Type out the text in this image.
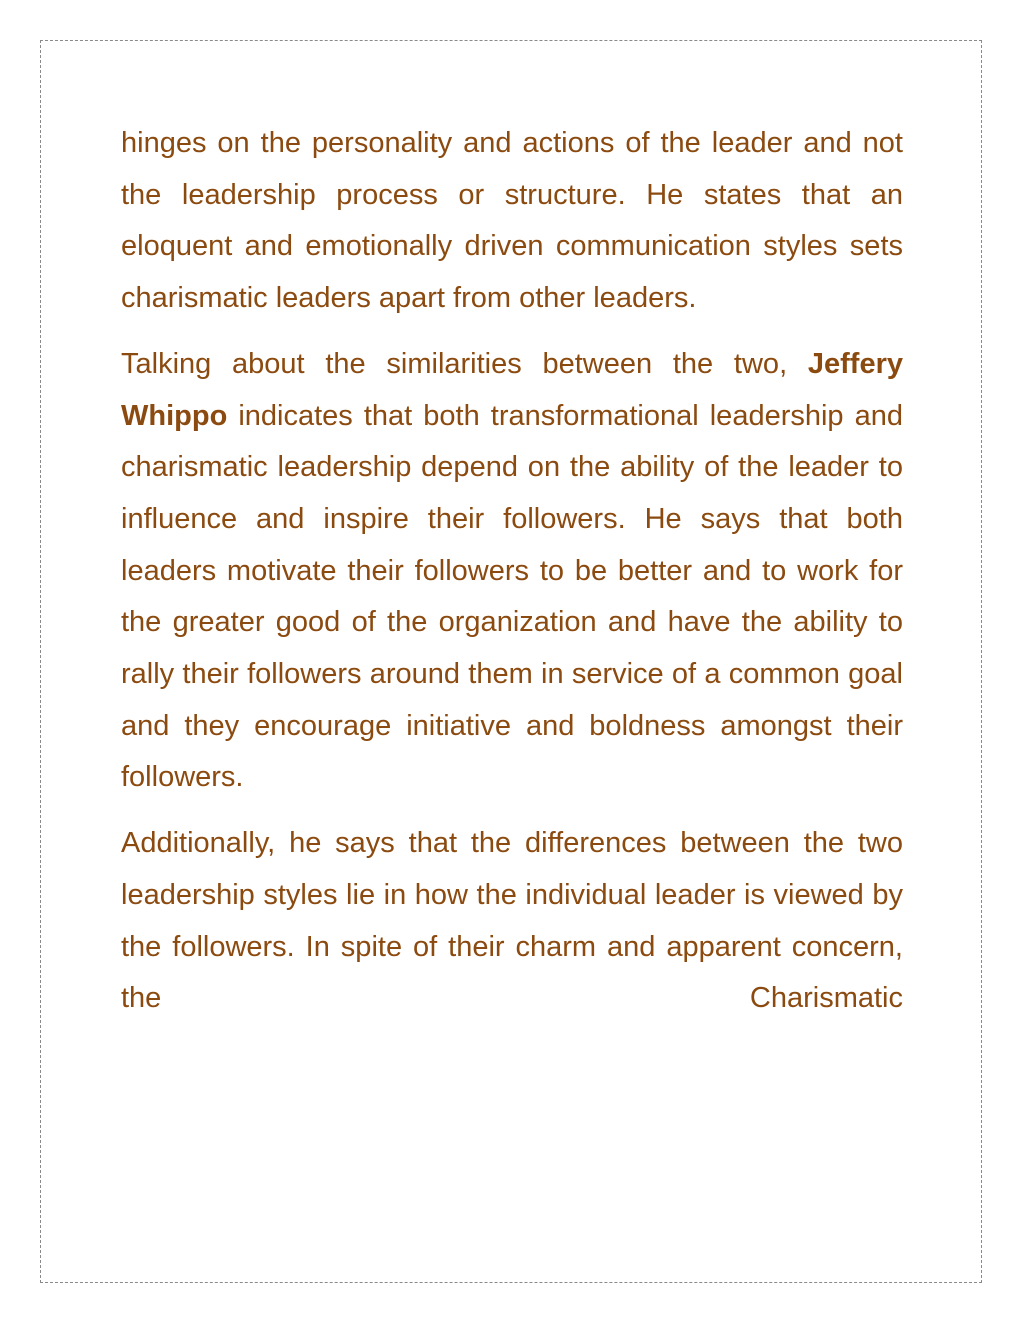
hinges on the personality and actions of the leader and not the leadership process or structure. He states that an eloquent and emotionally driven communication styles sets charismatic leaders apart from other leaders.

Talking about the similarities between the two, Jeffery Whippo indicates that both transformational leadership and charismatic leadership depend on the ability of the leader to influence and inspire their followers. He says that both leaders motivate their followers to be better and to work for the greater good of the organization and have the ability to rally their followers around them in service of a common goal and they encourage initiative and boldness amongst their followers.

Additionally, he says that the differences between the two leadership styles lie in how the individual leader is viewed by the followers. In spite of their charm and apparent concern, the Charismatic
